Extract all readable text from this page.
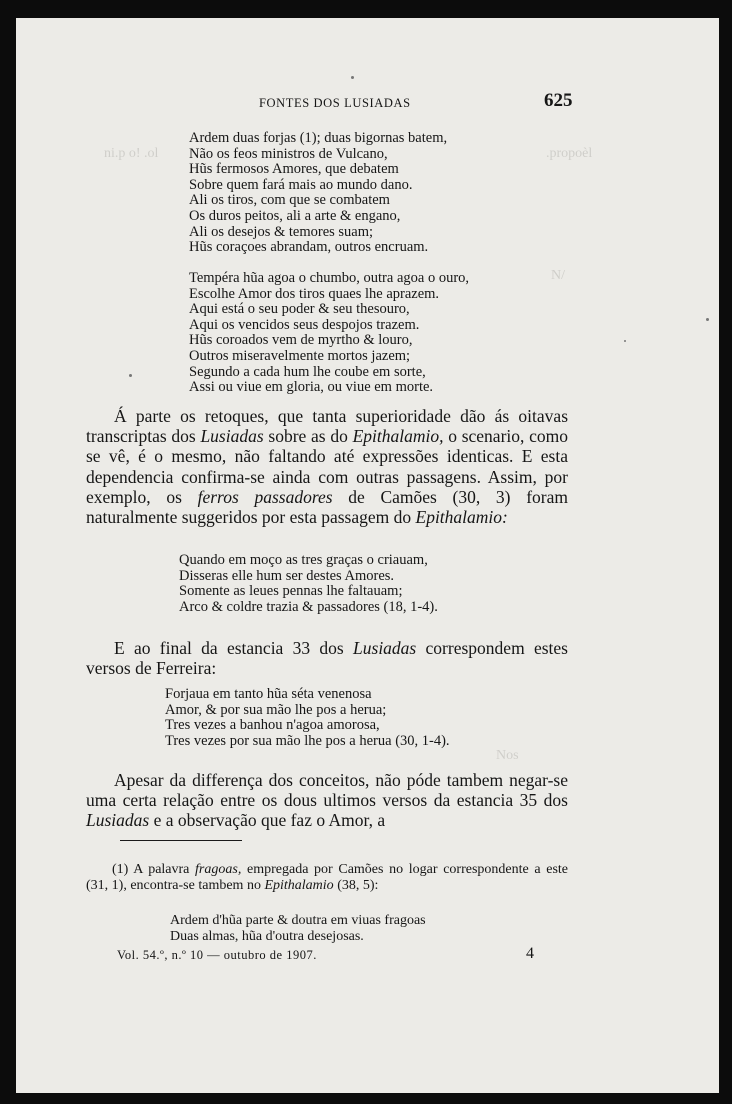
ni.p o! .ol	.propoèl
N/
Nos
FONTES DOS LUSIADAS	625
Ardem duas forjas (1); duas bigornas batem,
Não os feos ministros de Vulcano,
Hũs fermosos Amores, que debatem
Sobre quem fará mais ao mundo dano.
Ali os tiros, com que se combatem
Os duros peitos, ali a arte & engano,
Ali os desejos & temores suam;
Hũs coraçoes abrandam, outros encruam.
Tempéra hũa agoa o chumbo, outra agoa o ouro,
Escolhe Amor dos tiros quaes lhe aprazem.
Aqui está o seu poder & seu thesouro,
Aqui os vencidos seus despojos trazem.
Hũs coroados vem de myrtho & louro,
Outros miseravelmente mortos jazem;
Segundo a cada hum lhe coube em sorte,
Assi ou viue em gloria, ou viue em morte.

Á parte os retoques, que tanta superioridade dão ás oitavas transcriptas dos Lusiadas sobre as do Epithalamio, o scenario, como se vê, é o mesmo, não faltando até expressões identicas. E esta dependencia confirma-se ainda com outras passagens. Assim, por exemplo, os ferros passadores de Camões (30, 3) foram naturalmente suggeridos por esta passagem do Epithalamio:

Quando em moço as tres graças o criauam,
Disseras elle hum ser destes Amores.
Somente as leues pennas lhe faltauam;
Arco & coldre trazia & passadores (18, 1-4).

E ao final da estancia 33 dos Lusiadas correspondem estes versos de Ferreira:

Forjaua em tanto hũa séta venenosa
Amor, & por sua mão lhe pos a herua;
Tres vezes a banhou n'agoa amorosa,
Tres vezes por sua mão lhe pos a herua (30, 1-4).

Apesar da differença dos conceitos, não póde tambem negar-se uma certa relação entre os dous ultimos versos da estancia 35 dos Lusiadas e a observação que faz o Amor, a

(1) A palavra fragoas, empregada por Camões no logar correspondente a este (31, 1), encontra-se tambem no Epithalamio (38, 5):

Ardem d'hũa parte & doutra em viuas fragoas
Duas almas, hũa d'outra desejosas.
Vol. 54.º, n.º 10 — outubro de 1907.	4
